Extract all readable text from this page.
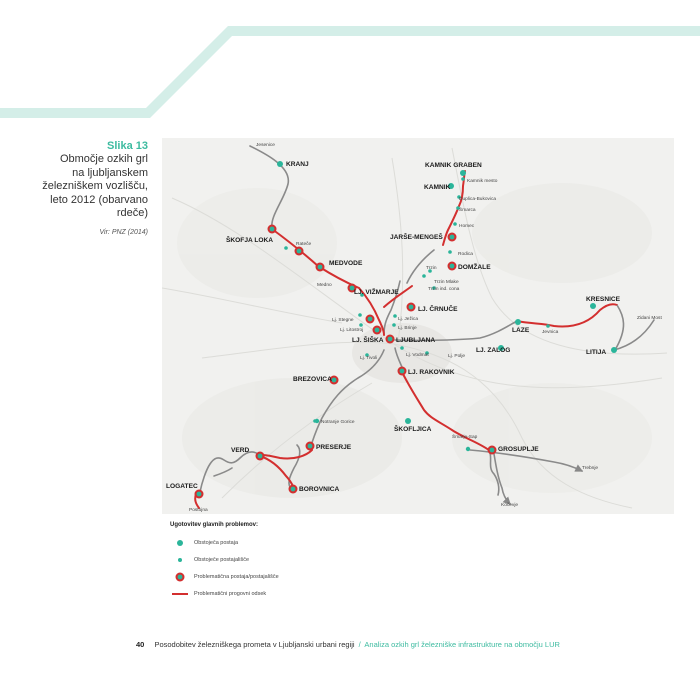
Slika 13
Območje ozkih grl
na ljubljanskem
železniškem vozlišču,
leto 2012 (obarvano
rdeče)
Vir: PNZ (2014)
Jesenice
KRANJ
ŠKOFJA LOKA
Rateče
MEDVODE
Medno
LJ. VIŽMARJE
Lj. Stegne
Lj. Litostroj
LJ. ŠIŠKA LJUBLJANA
Lj. Ježica
Lj. Brinje
LJ. ČRNUČE
Trzin ind. cona
Trzin Mlake
Trzin	DOMŽALE
Rodica
Homec
JARŠE-MENGEŠ
Šmarca
Duplica-Bukovica
Kamnik mesto
KAMNIK
KAMNIK GRABEN
Lj. Tivoli
Lj. Vodmat	Lj. Polje
LJ. ZALOG
LAZE	Jevnica
KRESNICE
LITIJA
Zidani Most
LJ. RAKOVNIK
ŠKOFLJICA
Šmarje-Sap
GROSUPLJE
Trebnje
Kočevje
BREZOVICA
Notranje Gorice
PRESERJE
BOROVNICA
VERD
LOGATEC
Postojna
Ugotovitev glavnih problemov:
Obstoječa postaja
Obstoječe postajališče
Problematična postaja/postajališče
Problematični progovni odsek
40 Posodobitev železniškega prometa v Ljubljanski urbani regiji / Analiza ozkih grl železniške infrastrukture na območju LUR
